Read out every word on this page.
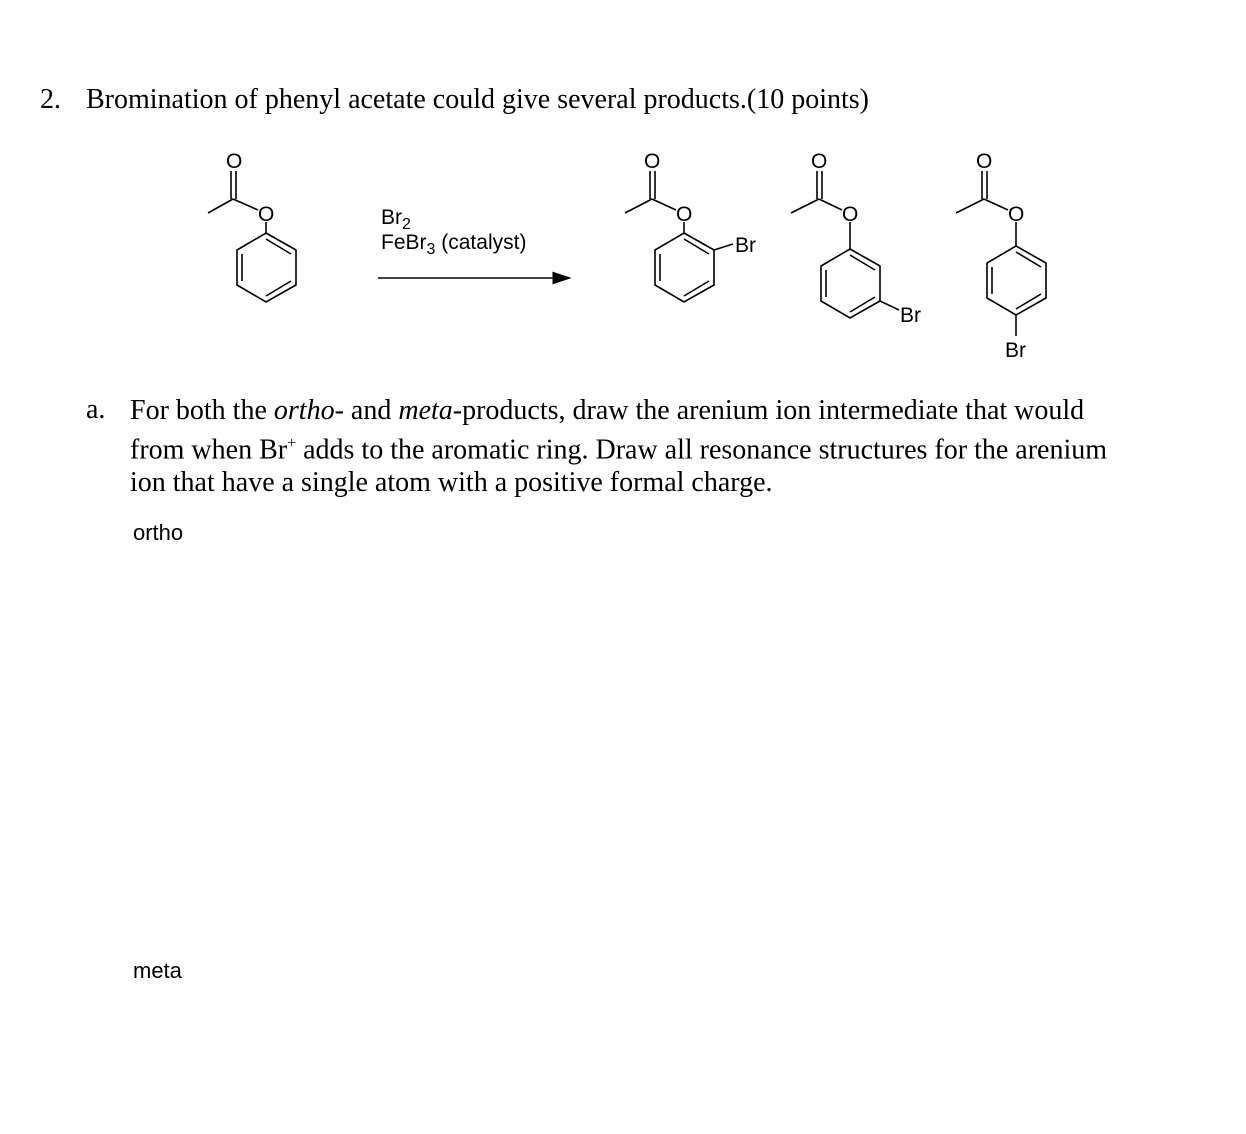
2. Bromination of phenyl acetate could give several products.(10 points)
O
O
O
O
Br
O
O
Br
O
O
Br
$Br_2$
FeBr$_3$ (catalyst)
a. For both the ortho- and meta-products, draw the arenium ion intermediate that would

from when Br+ adds to the aromatic ring. Draw all resonance structures for the arenium

ion that have a single atom with a positive formal charge.

ortho
meta
